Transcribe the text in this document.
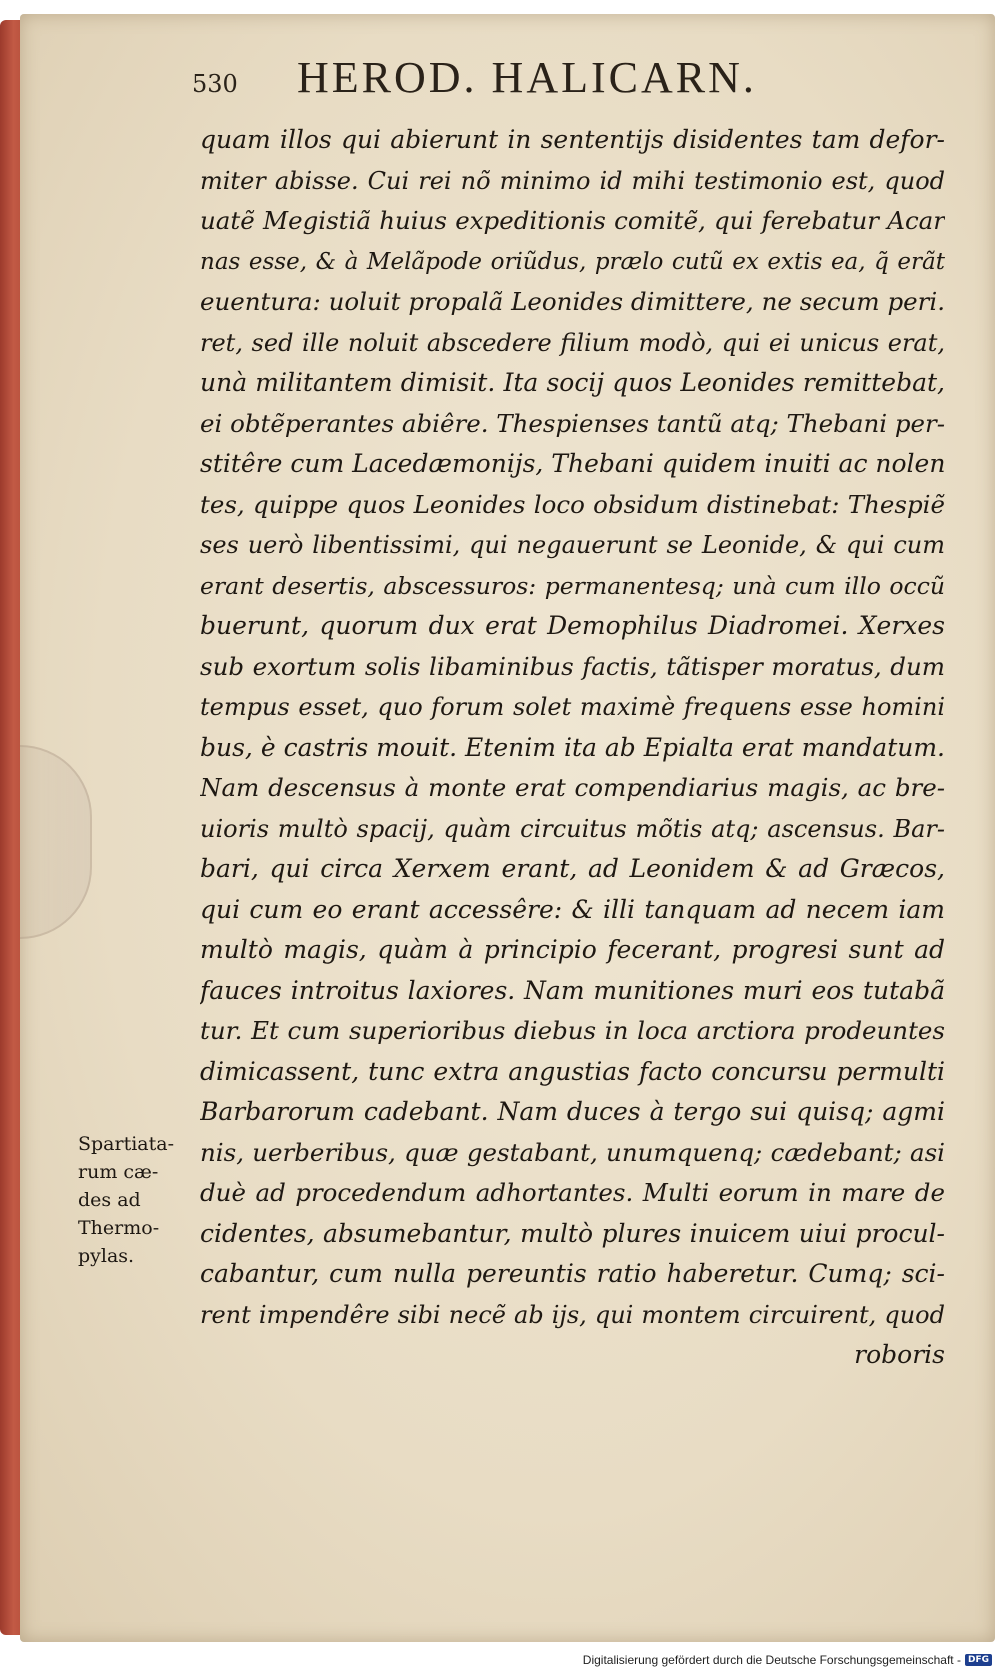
530 HEROD. HALICARN.
Spartiata-
rum cæ-
des ad
Thermo-
pylas.
quam illos qui abierunt in sententijs disidentes tam defor-
miter abisse. Cui rei nõ minimo id mihi testimonio est, quod
uatẽ Megistiã huius expeditionis comitẽ, qui ferebatur Acar
nas esse, & à Melãpode oriũdus, prælo cutũ ex extis ea, q̃ erãt
euentura: uoluit propalã Leonides dimittere, ne secum peri.
ret, sed ille noluit abscedere filium modò, qui ei unicus erat,
unà militantem dimisit. Ita socij quos Leonides remittebat,
ei obtẽperantes abiêre. Thespienses tantũ atq; Thebani per-
stitêre cum Lacedæmonijs, Thebani quidem inuiti ac nolen
tes, quippe quos Leonides loco obsidum distinebat: Thespiẽ
ses uerò libentissimi, qui negauerunt se Leonide, & qui cum
erant desertis, abscessuros: permanentesq; unà cum illo occũ
buerunt, quorum dux erat Demophilus Diadromei. Xerxes
sub exortum solis libaminibus factis, tãtisper moratus, dum
tempus esset, quo forum solet maximè frequens esse homini
bus, è castris mouit. Etenim ita ab Epialta erat mandatum.
Nam descensus à monte erat compendiarius magis, ac bre-
uioris multò spacij, quàm circuitus mõtis atq; ascensus. Bar-
bari, qui circa Xerxem erant, ad Leonidem & ad Græcos,
qui cum eo erant accessêre: & illi tanquam ad necem iam
multò magis, quàm à principio fecerant, progresi sunt ad
fauces introitus laxiores. Nam munitiones muri eos tutabã
tur. Et cum superioribus diebus in loca arctiora prodeuntes
dimicassent, tunc extra angustias facto concursu permulti
Barbarorum cadebant. Nam duces à tergo sui quisq; agmi
nis, uerberibus, quæ gestabant, unumquenq; cædebant; asi
duè ad procedendum adhortantes. Multi eorum in mare de
cidentes, absumebantur, multò plures inuicem uiui procul-
cabantur, cum nulla pereuntis ratio haberetur. Cumq; sci-
rent impendêre sibi necẽ ab ijs, qui montem circuirent, quod
roboris
Digitalisierung gefördert durch die Deutsche Forschungsgemeinschaft - DFG
